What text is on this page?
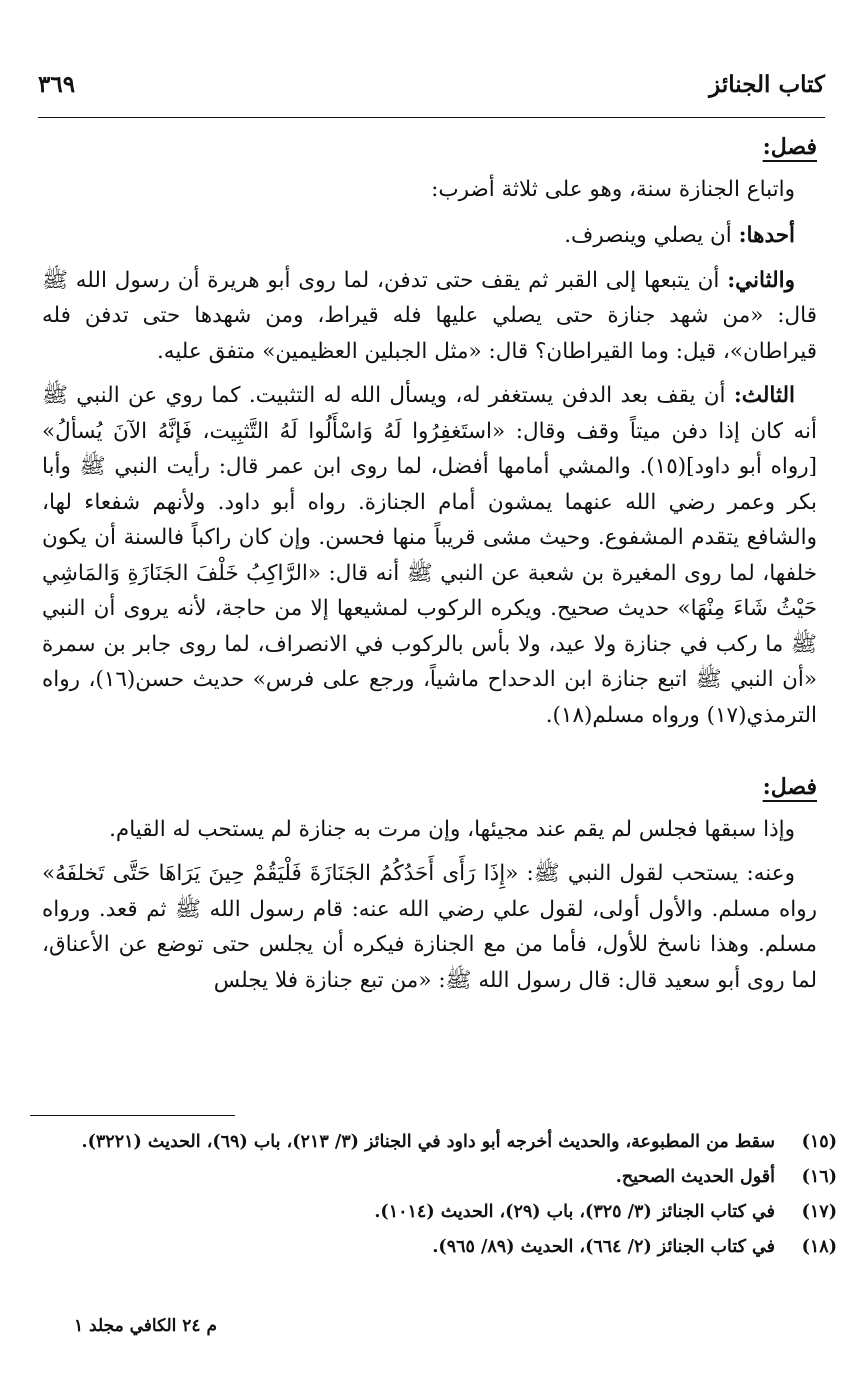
كتاب الجنائز
٣٦٩
فصل:

واتباع الجنازة سنة، وهو على ثلاثة أضرب:

أحدها: أن يصلي وينصرف.

والثاني: أن يتبعها إلى القبر ثم يقف حتى تدفن، لما روى أبو هريرة أن رسول الله ﷺ قال: «من شهد جنازة حتى يصلي عليها فله قيراط، ومن شهدها حتى تدفن فله قيراطان»، قيل: وما القيراطان؟ قال: «مثل الجبلين العظيمين» متفق عليه.

الثالث: أن يقف بعد الدفن يستغفر له، ويسأل الله له التثبيت. كما روي عن النبي ﷺ أنه كان إذا دفن ميتاً وقف وقال: «استَغفِرُوا لَهُ وَاسْأَلُوا لَهُ التَّثبِيت، فَإنَّهُ الآنَ يُسألُ» [رواه أبو داود](١٥). والمشي أمامها أفضل، لما روى ابن عمر قال: رأيت النبي ﷺ وأبا بكر وعمر رضي الله عنهما يمشون أمام الجنازة. رواه أبو داود. ولأنهم شفعاء لها، والشافع يتقدم المشفوع. وحيث مشى قريباً منها فحسن. وإن كان راكباً فالسنة أن يكون خلفها، لما روى المغيرة بن شعبة عن النبي ﷺ أنه قال: «الرَّاكِبُ خَلْفَ الجَنَازَةِ وَالمَاشِي حَيْثُ شَاءَ مِنْهَا» حديث صحيح. ويكره الركوب لمشيعها إلا من حاجة، لأنه يروى أن النبي ﷺ ما ركب في جنازة ولا عيد، ولا بأس بالركوب في الانصراف، لما روى جابر بن سمرة «أن النبي ﷺ اتبع جنازة ابن الدحداح ماشياً، ورجع على فرس» حديث حسن(١٦)، رواه الترمذي(١٧) ورواه مسلم(١٨).

فصل:

وإذا سبقها فجلس لم يقم عند مجيئها، وإن مرت به جنازة لم يستحب له القيام.

وعنه: يستحب لقول النبي ﷺ: «إِذَا رَأَى أَحَدُكُمُ الجَنَازَةَ فَلْيَقُمْ حِينَ يَرَاهَا حَتَّى تَخلفَهُ» رواه مسلم. والأول أولى، لقول علي رضي الله عنه: قام رسول الله ﷺ ثم قعد. ورواه مسلم. وهذا ناسخ للأول، فأما من مع الجنازة فيكره أن يجلس حتى توضع عن الأعناق، لما روى أبو سعيد قال: قال رسول الله ﷺ: «من تبع جنازة فلا يجلس

(١٥)
سقط من المطبوعة، والحديث أخرجه أبو داود في الجنائز (٣/ ٢١٣)، باب (٦٩)، الحديث (٣٢٢١).
(١٦)
أقول الحديث الصحيح.
(١٧)
في كتاب الجنائز (٣/ ٣٢٥)، باب (٢٩)، الحديث (١٠١٤).
(١٨)
في كتاب الجنائز (٢/ ٦٦٤)، الحديث (٨٩/ ٩٦٥).
م ٢٤ الكافي مجلد ١
